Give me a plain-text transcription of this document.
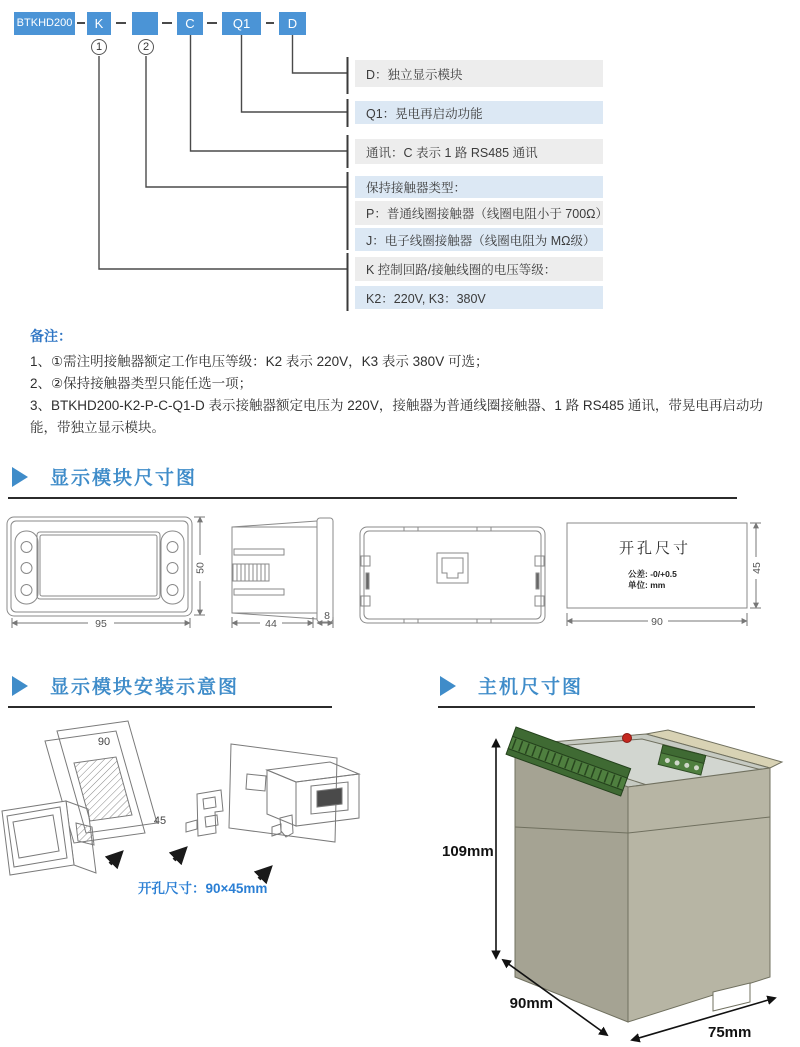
BTKHD200	K	C	Q1	D
1	2
D：独立显示模块
Q1：晃电再启动功能
通讯：C 表示 1 路 RS485 通讯
保持接触器类型：
P：普通线圈接触器（线圈电阻小于 700Ω）
J：电子线圈接触器（线圈电阻为 MΩ级）
K 控制回路/接触线圈的电压等级：
K2：220V, K3：380V
备注：
1、①需注明接触器额定工作电压等级：K2 表示 220V，K3 表示 380V 可选；
2、②保持接触器类型只能任选一项；
3、BTKHD200-K2-P-C-Q1-D 表示接触器额定电压为 220V，接触器为普通线圈接触器、1 路 RS485 通讯，带晃电再启动功能，带独立显示模块。
显示模块尺寸图
95
50
44
8
开孔尺寸
公差: -0/+0.5
单位: mm
90
45
显示模块安装示意图	主机尺寸图
90
45
开孔尺寸：90×45mm
109mm
90mm
75mm
